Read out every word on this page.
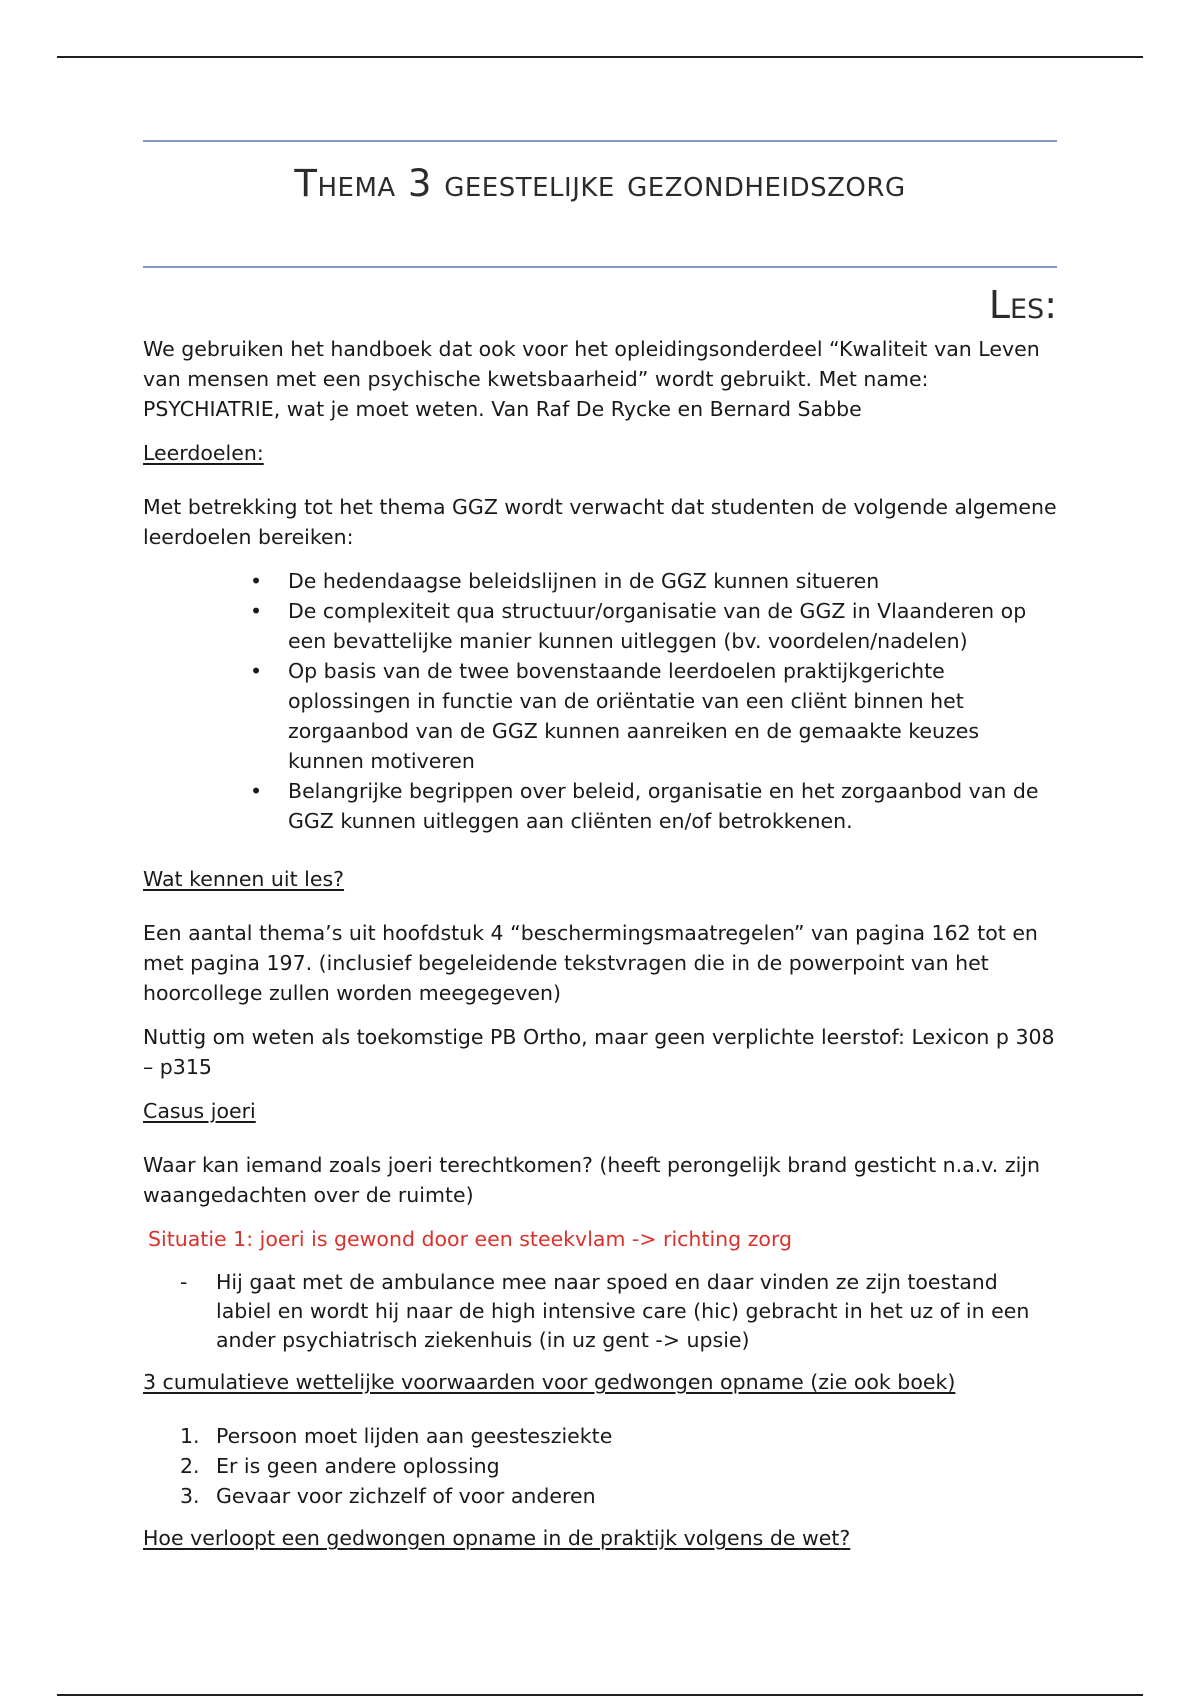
Thema 3 geestelijke gezondheidszorg
Les:

We gebruiken het handboek dat ook voor het opleidingsonderdeel “Kwaliteit van Leven van mensen met een psychische kwetsbaarheid” wordt gebruikt. Met name: PSYCHIATRIE, wat je moet weten. Van Raf De Rycke en Bernard Sabbe

Leerdoelen:

Met betrekking tot het thema GGZ wordt verwacht dat studenten de volgende algemene leerdoelen bereiken:

• De hedendaagse beleidslijnen in de GGZ kunnen situeren
• De complexiteit qua structuur/organisatie van de GGZ in Vlaanderen op een bevattelijke manier kunnen uitleggen (bv. voordelen/nadelen)
• Op basis van de twee bovenstaande leerdoelen praktijkgerichte oplossingen in functie van de oriëntatie van een cliënt binnen het zorgaanbod van de GGZ kunnen aanreiken en de gemaakte keuzes kunnen motiveren
• Belangrijke begrippen over beleid, organisatie en het zorgaanbod van de GGZ kunnen uitleggen aan cliënten en/of betrokkenen.
Wat kennen uit les?

Een aantal thema’s uit hoofdstuk 4 “beschermingsmaatregelen” van pagina 162 tot en met pagina 197. (inclusief begeleidende tekstvragen die in de powerpoint van het hoorcollege zullen worden meegegeven)

Nuttig om weten als toekomstige PB Ortho, maar geen verplichte leerstof: Lexicon p 308 – p315

Casus joeri

Waar kan iemand zoals joeri terechtkomen? (heeft perongelijk brand gesticht n.a.v. zijn waangedachten over de ruimte)

Situatie 1: joeri is gewond door een steekvlam -> richting zorg
- Hij gaat met de ambulance mee naar spoed en daar vinden ze zijn toestand labiel en wordt hij naar de high intensive care (hic) gebracht in het uz of in een ander psychiatrisch ziekenhuis (in uz gent -> upsie)
3 cumulatieve wettelijke voorwaarden voor gedwongen opname (zie ook boek)
1. Persoon moet lijden aan geestesziekte
2. Er is geen andere oplossing
3. Gevaar voor zichzelf of voor anderen
Hoe verloopt een gedwongen opname in de praktijk volgens de wet?
